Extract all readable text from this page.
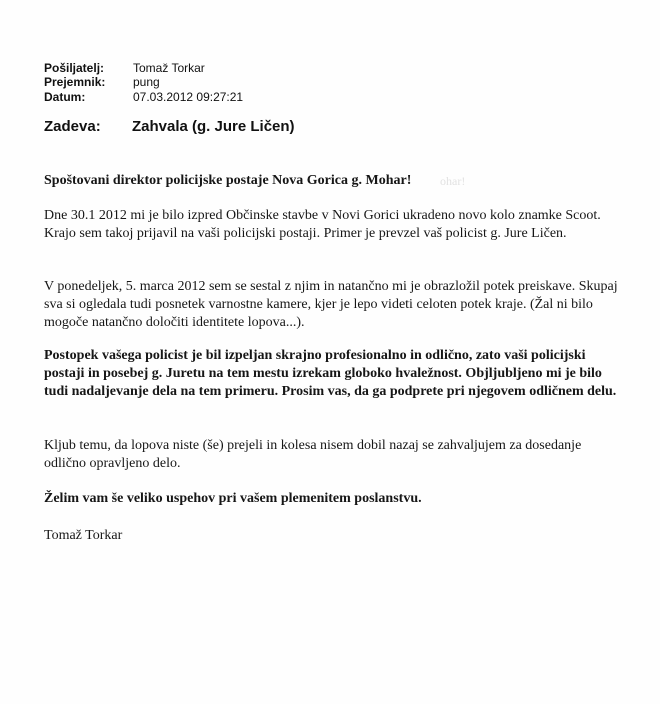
ohar!
Pošiljatelj: Tomaž Torkar
Prejemnik: pung
Datum:	07.03.2012 09:27:21
Zadeva: Zahvala (g. Jure Ličen)
Spoštovani direktor policijske postaje Nova Gorica g. Mohar!
Dne 30.1 2012 mi je bilo izpred Občinske stavbe v Novi Gorici ukradeno novo kolo znamke Scoot. Krajo sem takoj prijavil na vaši policijski postaji. Primer je prevzel vaš policist g. Jure Ličen.
V ponedeljek, 5. marca 2012 sem se sestal z njim in natančno mi je obrazložil potek preiskave. Skupaj sva si ogledala tudi posnetek varnostne kamere, kjer je lepo videti celoten potek kraje. (Žal ni bilo mogoče natančno določiti identitete lopova...).
Postopek vašega policist je bil izpeljan skrajno profesionalno in odlično, zato vaši policijski postaji in posebej g. Juretu na tem mestu izrekam globoko hvaležnost. Objljubljeno mi je bilo tudi nadaljevanje dela na tem primeru. Prosim vas, da ga podprete pri njegovem odličnem delu.
Kljub temu, da lopova niste (še) prejeli in kolesa nisem dobil nazaj se zahvaljujem za dosedanje odlično opravljeno delo.
Želim vam še veliko uspehov pri vašem plemenitem poslanstvu.
Tomaž Torkar
